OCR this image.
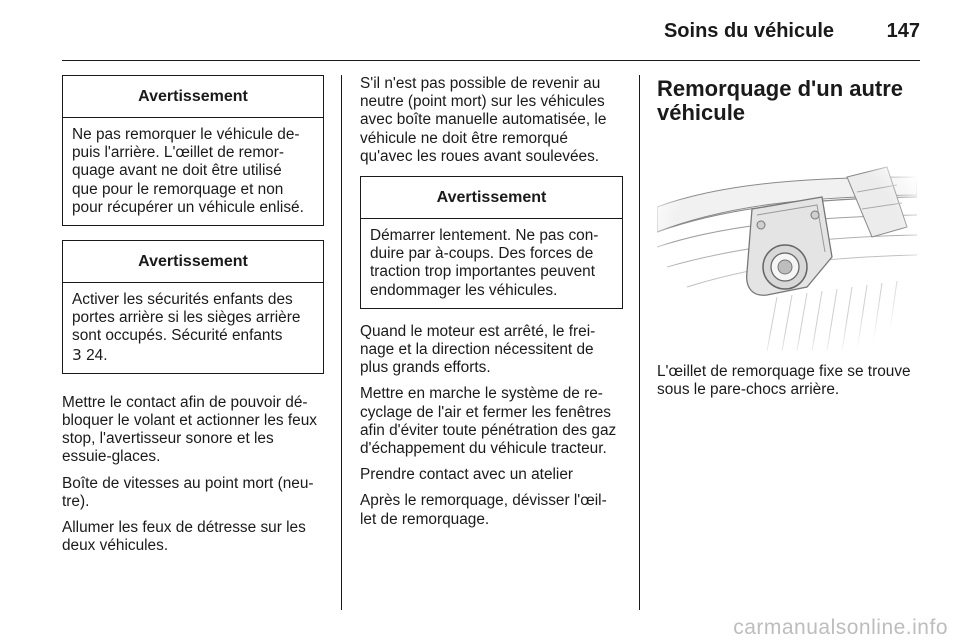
Soins du véhicule	147
Avertissement
Ne pas remorquer le véhicule de-
puis l'arrière. L'œillet de remor-
quage avant ne doit être utilisé
que pour le remorquage et non
pour récupérer un véhicule enlisé.
Avertissement
Activer les sécurités enfants des
portes arrière si les sièges arrière
sont occupés. Sécurité enfants
3 24.

Mettre le contact afin de pouvoir dé-
bloquer le volant et actionner les feux
stop, l'avertisseur sonore et les
essuie-glaces.

Boîte de vitesses au point mort (neu-
tre).

Allumer les feux de détresse sur les
deux véhicules.

S'il n'est pas possible de revenir au
neutre (point mort) sur les véhicules
avec boîte manuelle automatisée, le
véhicule ne doit être remorqué
qu'avec les roues avant soulevées.

Avertissement
Démarrer lentement. Ne pas con-
duire par à-coups. Des forces de
traction trop importantes peuvent
endommager les véhicules.

Quand le moteur est arrêté, le frei-
nage et la direction nécessitent de
plus grands efforts.

Mettre en marche le système de re-
cyclage de l'air et fermer les fenêtres
afin d'éviter toute pénétration des gaz
d'échappement du véhicule tracteur.

Prendre contact avec un atelier

Après le remorquage, dévisser l'œil-
let de remorquage.

Remorquage d'un autre
véhicule

L'œillet de remorquage fixe se trouve
sous le pare-chocs arrière.

carmanualsonline.info
